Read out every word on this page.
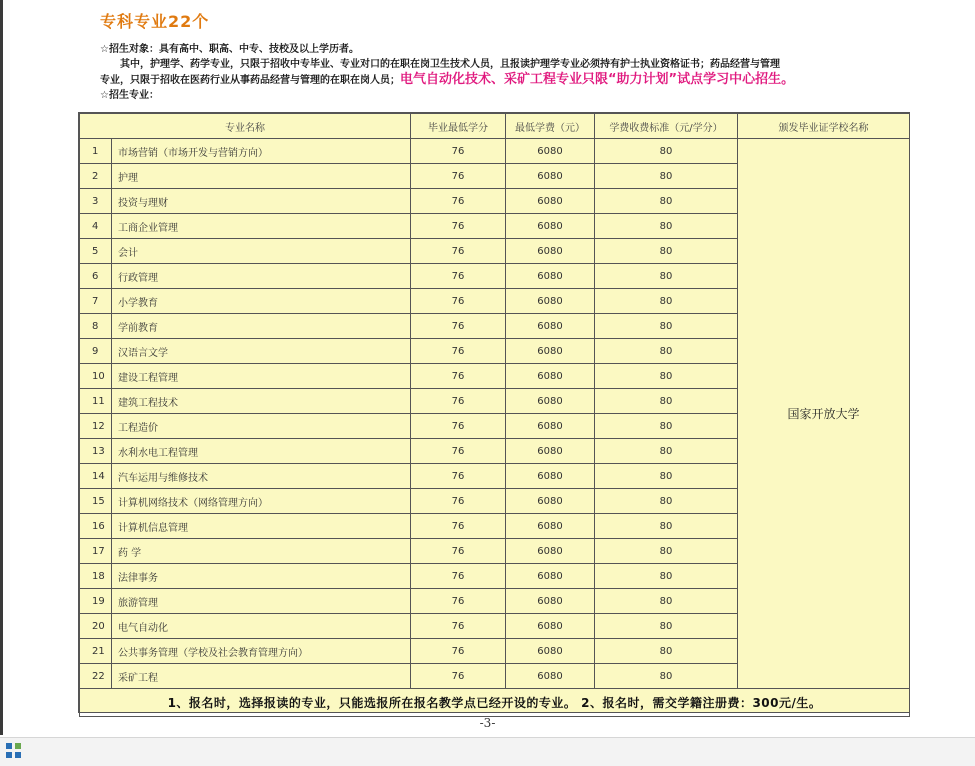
专科专业22个
☆招生对象：具有高中、职高、中专、技校及以上学历者。
其中，护理学、药学专业，只限于招收中专毕业、专业对口的在职在岗卫生技术人员，且报读护理学专业必须持有护士执业资格证书；药品经营与管理
专业，只限于招收在医药行业从事药品经营与管理的在职在岗人员；电气自动化技术、采矿工程专业只限“助力计划”试点学习中心招生。
☆招生专业：
专业名称		毕业最低学分	最低学费（元）	学费收费标准（元/学分）	颁发毕业证学校名称
1	市场营销（市场开发与营销方向）	76	6080	80	国家开放大学
2	护理	76	6080	80	
3	投资与理财	76	6080	80	
4	工商企业管理	76	6080	80	
5	会计	76	6080	80	
6	行政管理	76	6080	80	
7	小学教育	76	6080	80	
8	学前教育	76	6080	80	
9	汉语言文学	76	6080	80	
10	建设工程管理	76	6080	80	
11	建筑工程技术	76	6080	80	
12	工程造价	76	6080	80	
13	水利水电工程管理	76	6080	80	
14	汽车运用与维修技术	76	6080	80	
15	计算机网络技术（网络管理方向）	76	6080	80	
16	计算机信息管理	76	6080	80	
17	药 学	76	6080	80	
18	法律事务	76	6080	80	
19	旅游管理	76	6080	80	
20	电气自动化	76	6080	80	
21	公共事务管理（学校及社会教育管理方向）	76	6080	80	
22	采矿工程	76	6080	80	
1、报名时，选择报读的专业，只能选报所在报名教学点已经开设的专业。 2、报名时，需交学籍注册费：300元/生。					
-3-
